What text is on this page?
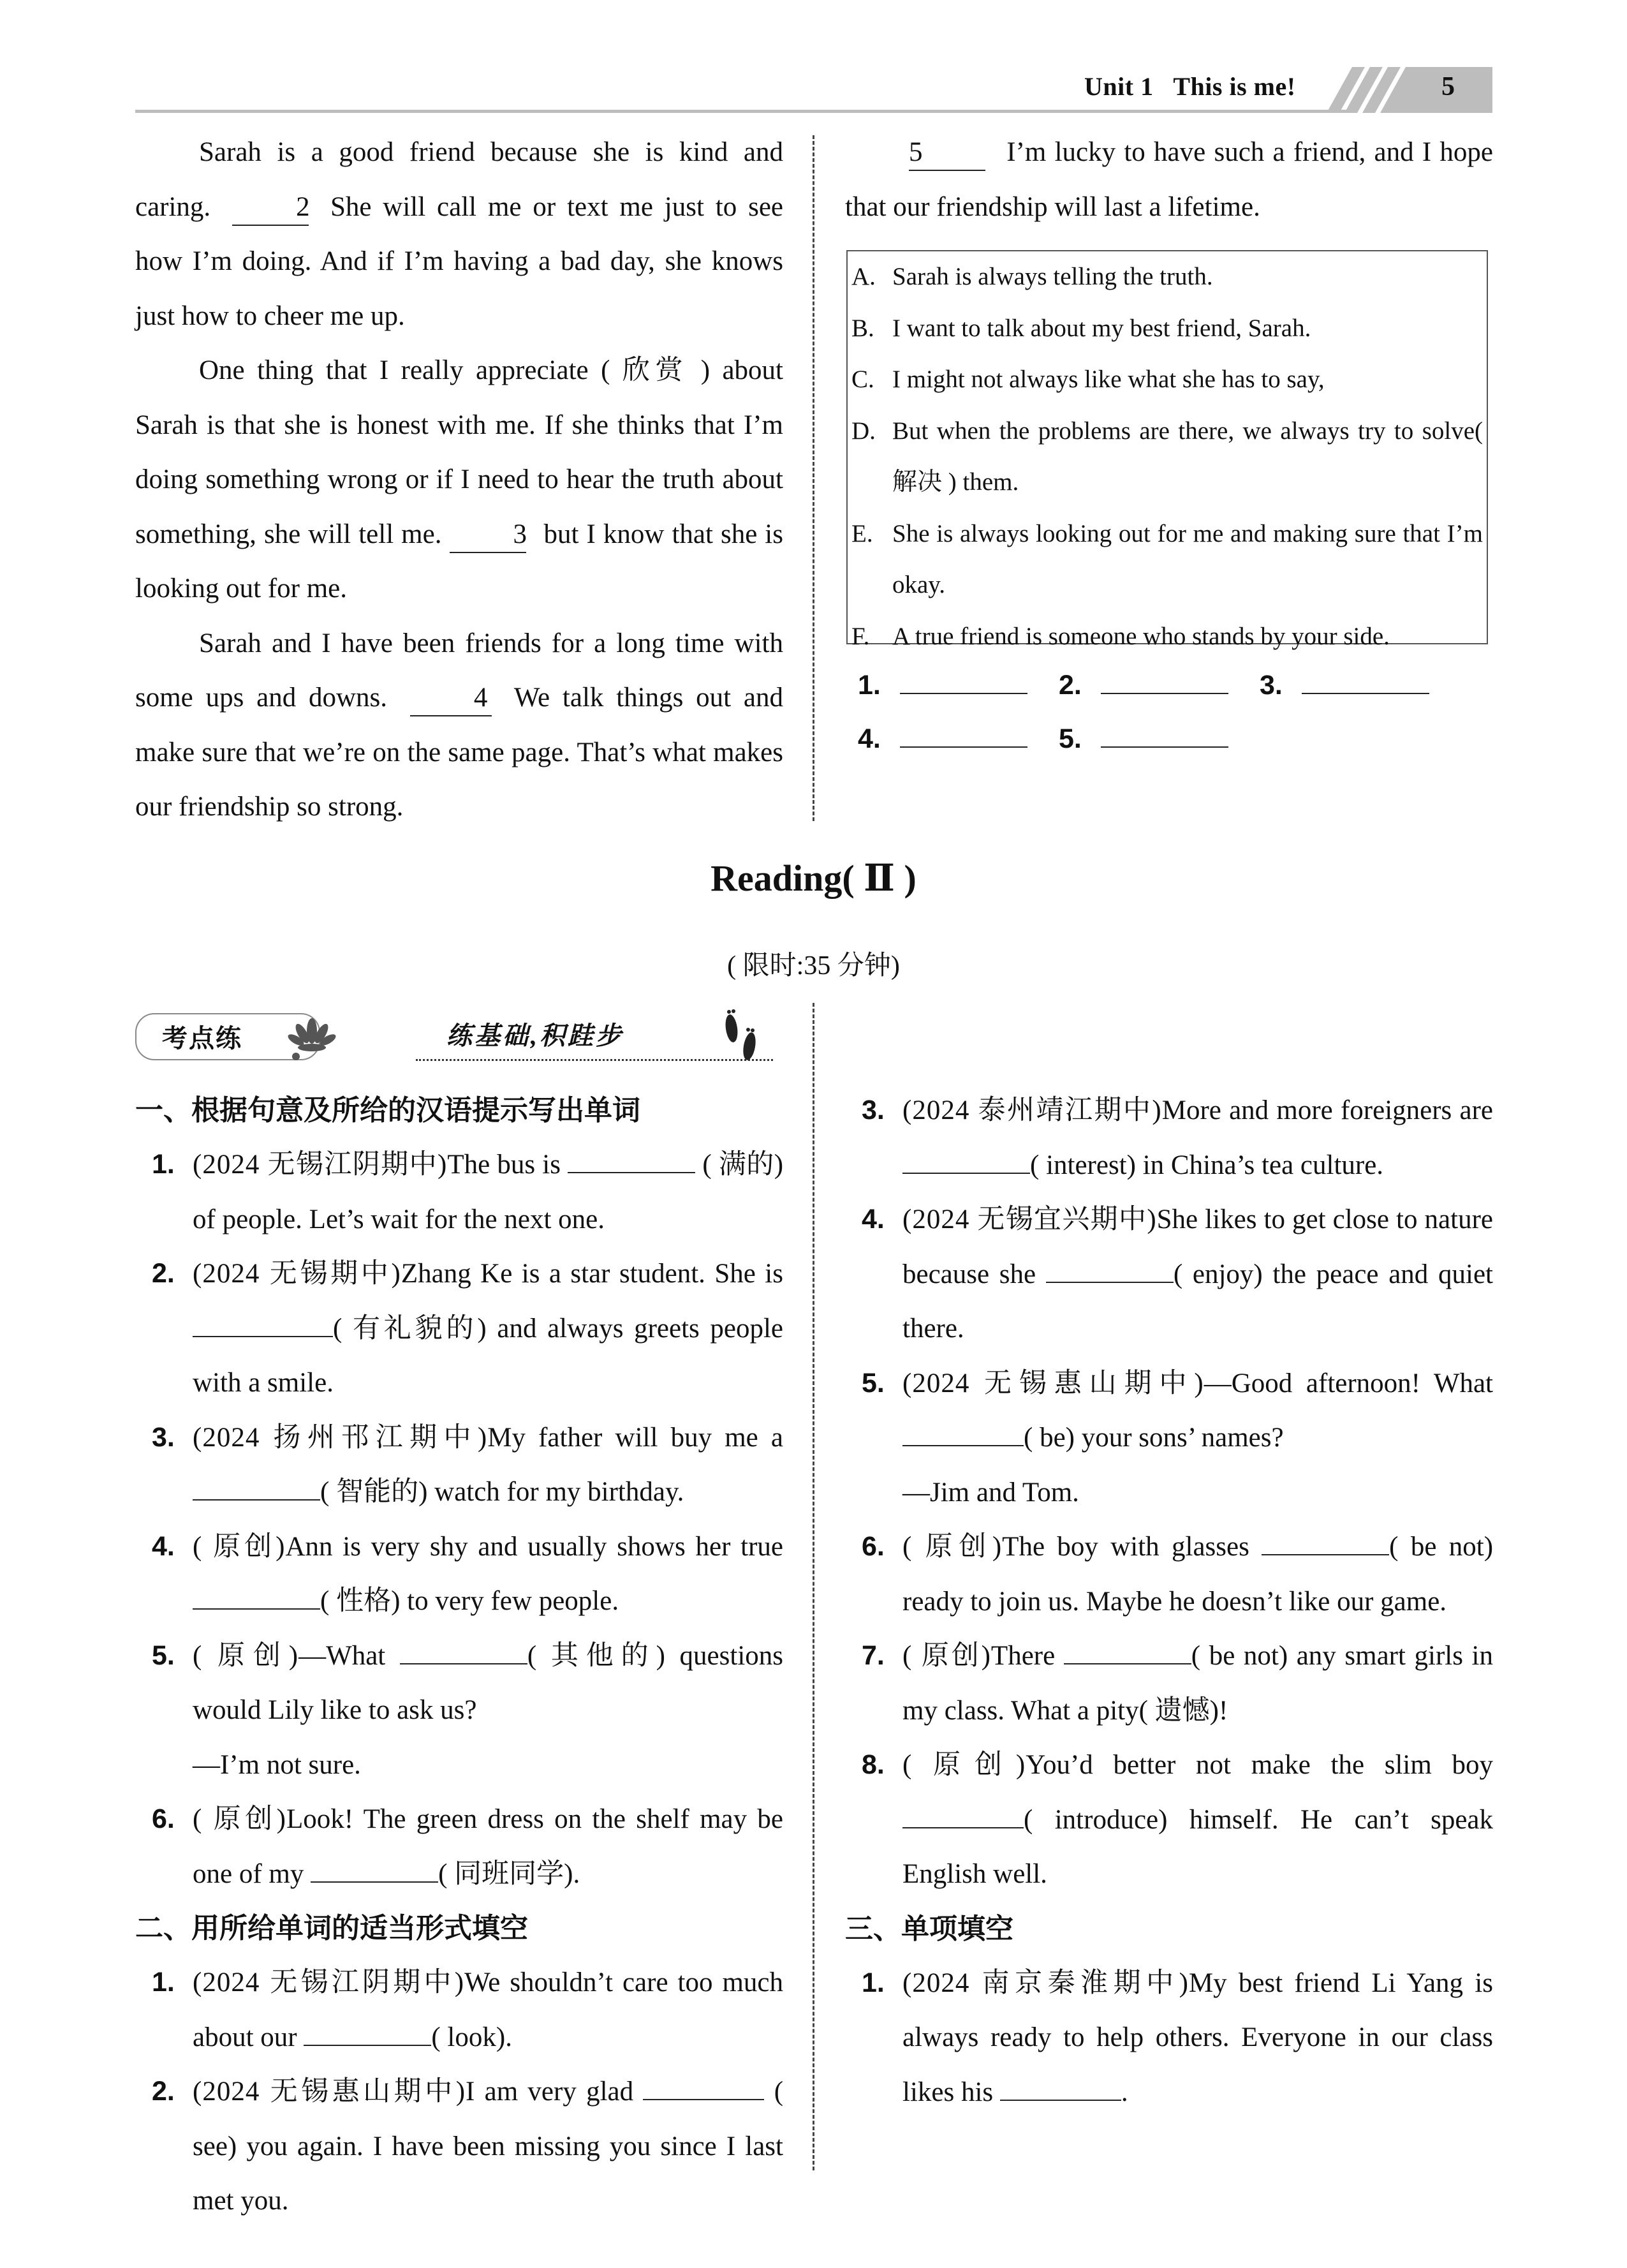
Unit 1   This is me!	5
Sarah is a good friend because she is kind and caring.	2 She will call me or text me just to see how I’m doing. And if I’m having a bad day, she knows just how to cheer me up.
One thing that I really appreciate ( 欣赏 ) about Sarah is that she is honest with me. If she thinks that I’m doing something wrong or if I need to hear the truth about something, she will tell me.	3 but I know that she is looking out for me.
Sarah and I have been friends for a long time with some ups and downs.	4 We talk things out and make sure that we’re on the same page. That’s what makes our friendship so strong.
5	I’m lucky to have such a friend, and I hope that our friendship will last a lifetime.
A. Sarah is always telling the truth.
B. I want to talk about my best friend, Sarah.
C. I might not always like what she has to say,
D. But when the problems are there, we always try to solve( 解决 ) them.
E. She is always looking out for me and making sure that I’m okay.
F. A true friend is someone who stands by your side.
1.	2.	3.
4.	5.
Reading( Ⅱ )
( 限时:35 分钟)
考点练	练基础,积跬步
一、根据句意及所给的汉语提示写出单词
1. (2024 无锡江阴期中)The bus is	( 满的) of people. Let’s wait for the next one.
2. (2024 无锡期中)Zhang Ke is a star student. She is ( 有礼貌的) and always greets people with a smile.
3. (2024 扬州邗江期中)My father will buy me a ( 智能的) watch for my birthday.
4. ( 原创)Ann is very shy and usually shows her true ( 性格) to very few people.
5. ( 原创)—What	( 其他的) questions would Lily like to ask us?
—I’m not sure.
6. ( 原创)Look! The green dress on the shelf may be one of my	( 同班同学).
二、用所给单词的适当形式填空
1. (2024 无锡江阴期中)We shouldn’t care too much about our	( look).
2. (2024 无锡惠山期中)I am very glad	( see) you again. I have been missing you since I last met you.
3. (2024 泰州靖江期中)More and more foreigners are ( interest) in China’s tea culture.
4. (2024 无锡宜兴期中)She likes to get close to nature because she	( enjoy) the peace and quiet there.
5. (2024 无锡惠山期中)—Good afternoon! What ( be) your sons’ names?
—Jim and Tom.
6. ( 原创)The boy with glasses	( be not) ready to join us. Maybe he doesn’t like our game.
7. ( 原创)There	( be not) any smart girls in my class. What a pity( 遗憾)!
8. ( 原创)You’d better not make the slim boy ( introduce) himself. He can’t speak English well.
三、单项填空
1. (2024 南京秦淮期中)My best friend Li Yang is always ready to help others. Everyone in our class likes his	.
